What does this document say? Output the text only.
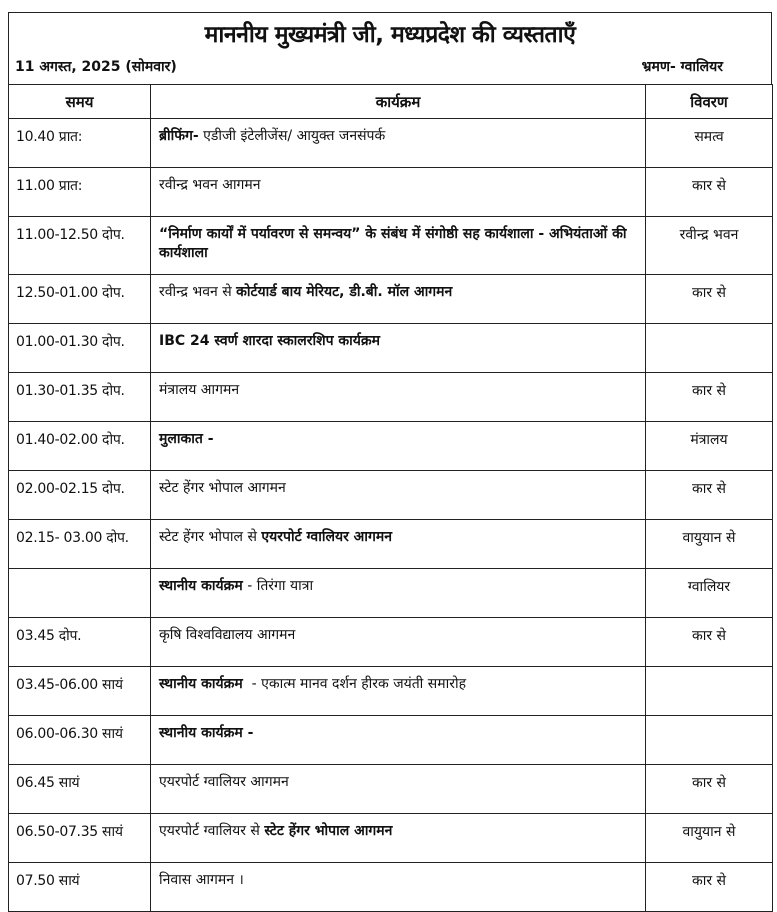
माननीय मुख्यमंत्री जी, मध्यप्रदेश की व्यस्तताएँ
11 अगस्त, 2025 (सोमवार)	भ्रमण- ग्वालियर
समय	कार्यक्रम	विवरण
10.40 प्रात:	ब्रीफिंग- एडीजी इंटेलीजेंस/ आयुक्त जनसंपर्क	समत्व
11.00 प्रात:	रवीन्द्र भवन आगमन	कार से
11.00-12.50 दोप.	“निर्माण कार्यों में पर्यावरण से समन्वय” के संबंध में संगोष्ठी सह कार्यशाला - अभियंताओं की कार्यशाला	रवीन्द्र भवन
12.50-01.00 दोप.	रवीन्द्र भवन से कोर्टयार्ड बाय मेरियट, डी.बी. मॉल आगमन	कार से
01.00-01.30 दोप.	IBC 24 स्वर्ण शारदा स्कालरशिप कार्यक्रम	
01.30-01.35 दोप.	मंत्रालय आगमन	कार से
01.40-02.00 दोप.	मुलाकात -	मंत्रालय
02.00-02.15 दोप.	स्टेट हेंगर भोपाल आगमन	कार से
02.15- 03.00 दोप.	स्टेट हेंगर भोपाल से एयरपोर्ट ग्वालियर आगमन	वायुयान से
	स्थानीय कार्यक्रम - तिरंगा यात्रा	ग्वालियर
03.45 दोप.	कृषि विश्वविद्यालय आगमन	कार से
03.45-06.00 सायं	स्थानीय कार्यक्रम  - एकात्म मानव दर्शन हीरक जयंती समारोह	
06.00-06.30 सायं	स्थानीय कार्यक्रम -	
06.45 सायं	एयरपोर्ट ग्वालियर आगमन	कार से
06.50-07.35 सायं	एयरपोर्ट ग्वालियर से स्टेट हेंगर भोपाल आगमन	वायुयान से
07.50 सायं	निवास आगमन ।	कार से
